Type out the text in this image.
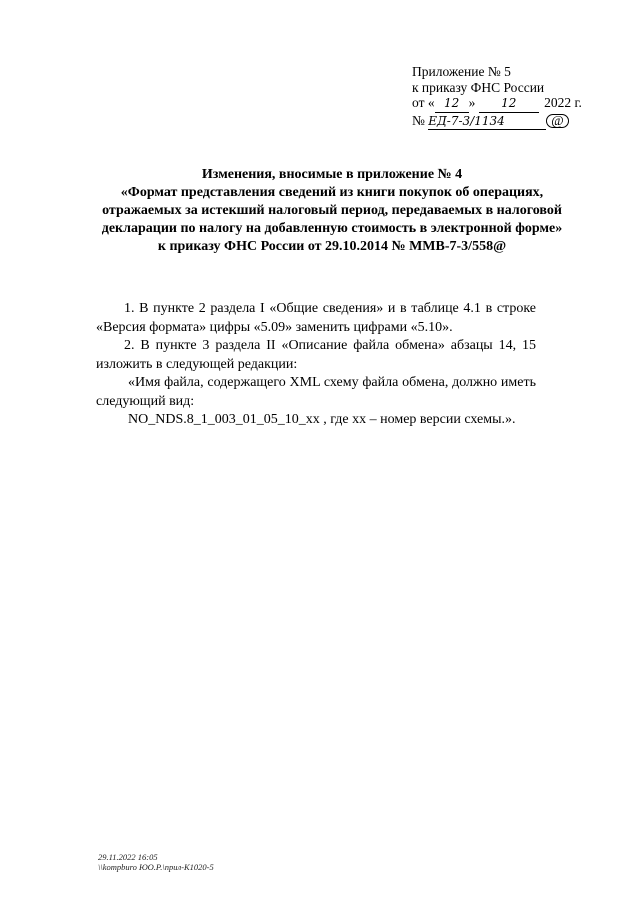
Приложение № 5
к приказу ФНС России
от « 12 » 12 2022 г.
№ ЕД-7-3/1134	@
Изменения, вносимые в приложение № 4
«Формат представления сведений из книги покупок об операциях,
отражаемых за истекший налоговый период, передаваемых в налоговой
декларации по налогу на добавленную стоимость в электронной форме»
к приказу ФНС России от 29.10.2014 № ММВ-7-3/558@
1. В пункте 2 раздела I «Общие сведения» и в таблице 4.1 в строке «Версия формата» цифры «5.09» заменить цифрами «5.10».
2. В пункте 3 раздела II «Описание файла обмена» абзацы 14, 15 изложить в следующей редакции:
«Имя файла, содержащего XML схему файла обмена, должно иметь следующий вид:
NO_NDS.8_1_003_01_05_10_xx , где хх – номер версии схемы.».
29.11.2022 16:05
\\kompburo ЮО.Р.\прил-К1020-5
